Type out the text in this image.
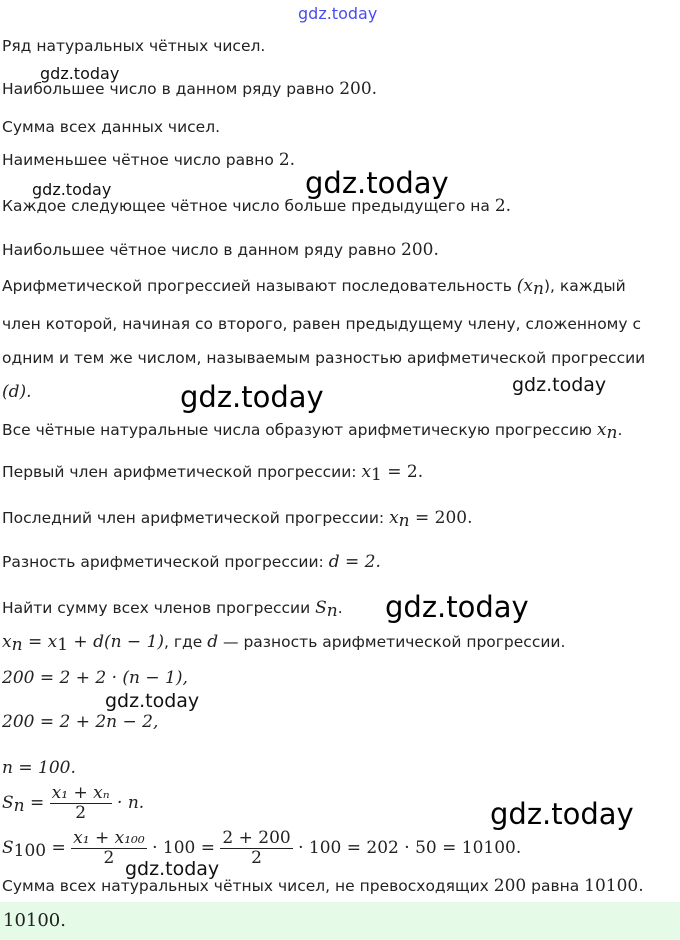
gdz.today
gdz.today
gdz.today	gdz.today
gdz.today	gdz.today
gdz.today
gdz.today
gdz.today
gdz.today
Ряд натуральных чётных чисел.
Наибольшее число в данном ряду равно 200.
Сумма всех данных чисел.
Наименьшее чётное число равно 2.
Каждое следующее чётное число больше предыдущего на 2.
Наибольшее чётное число в данном ряду равно 200.
Арифметической прогрессией называют последовательность $(x_n)$, каждый
член которой, начиная со второго, равен предыдущему члену, сложенному с
одним и тем же числом, называемым разностью арифметической прогрессии
(d).
Все чётные натуральные числа образуют арифметическую прогрессию $x_n$.
Первый член арифметической прогрессии: $x_1 = 2$.
Последний член арифметической прогрессии: $x_n = 200$.
Разность арифметической прогрессии: d = 2.
Найти сумму всех членов прогрессии $S_n$.
$x_n = x_1 + d(n - 1)$, где d — разность арифметической прогрессии.
200 = 2 + 2 · (n − 1),
200 = 2 + 2n − 2,
n = 100.
$S_n = \frac{\text{x₁ + xₙ}}{2} \cdot n$.
$S_{100} = \frac{\text{x₁ + x₁₀₀}}{2} \cdot 100 = \frac{2 + 200}{2} \cdot 100 = 202 \cdot 50 = 10100$.
Сумма всех натуральных чётных чисел, не превосходящих 200 равна 10100.
10100.
